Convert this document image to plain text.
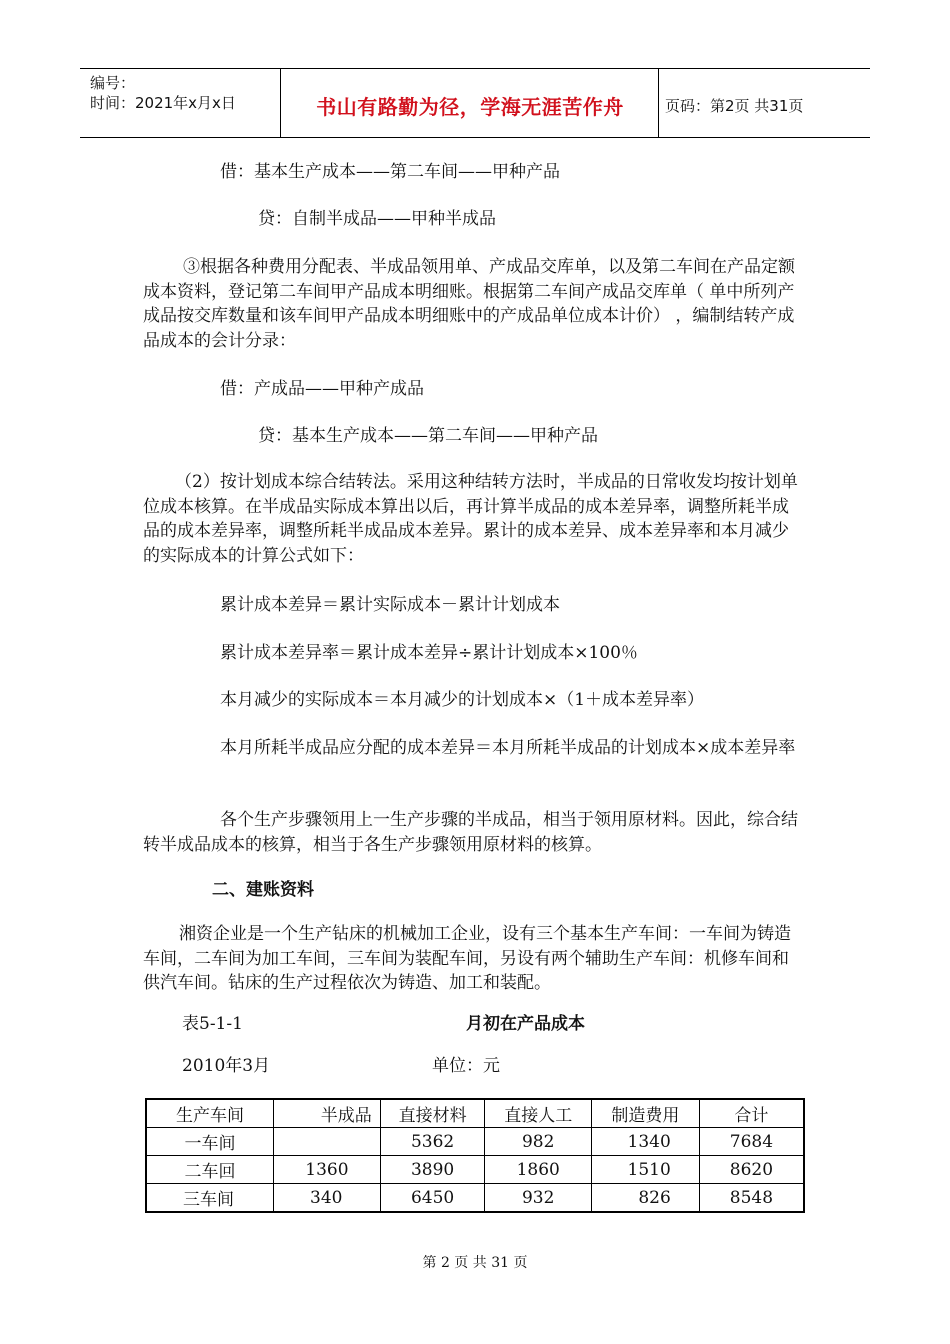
编号：
时间：2021年x月x日	书山有路勤为径，学海无涯苦作舟	页码：第2页 共31页
借：基本生产成本——第二车间——甲种产品
贷：自制半成品——甲种半成品
③根据各种费用分配表、半成品领用单、产成品交库单，以及第二车间在产品定额成本资料，登记第二车间甲产品成本明细账。根据第二车间产成品交库单（ 单中所列产成品按交库数量和该车间甲产品成本明细账中的产成品单位成本计价） ，编制结转产成品成本的会计分录：
借：产成品——甲种产成品
贷：基本生产成本——第二车间——甲种产品
（2）按计划成本综合结转法。采用这种结转方法时，半成品的日常收发均按计划单位成本核算。在半成品实际成本算出以后，再计算半成品的成本差异率，调整所耗半成品的成本差异率，调整所耗半成品成本差异。累计的成本差异、成本差异率和本月减少的实际成本的计算公式如下：
累计成本差异＝累计实际成本－累计计划成本
累计成本差异率＝累计成本差异÷累计计划成本×100％
本月减少的实际成本＝本月减少的计划成本×（1＋成本差异率）
本月所耗半成品应分配的成本差异＝本月所耗半成品的计划成本×成本差异率
各个生产步骤领用上一生产步骤的半成品，相当于领用原材料。因此，综合结转半成品成本的核算，相当于各生产步骤领用原材料的核算。
二、建账资料
湘资企业是一个生产钻床的机械加工企业，设有三个基本生产车间：一车间为铸造车间，二车间为加工车间，三车间为装配车间，另设有两个辅助生产车间：机修车间和供汽车间。钻床的生产过程依次为铸造、加工和装配。
表5-1-1	月初在产品成本
2010年3月	单位：元
生产车间	半成品	直接材料	直接人工	制造费用	合计
一车间		5362	982	1340	7684
二车回	1360	3890	1860	1510	8620
三车间	340	6450	932	826	8548
第 2 页 共 31 页
